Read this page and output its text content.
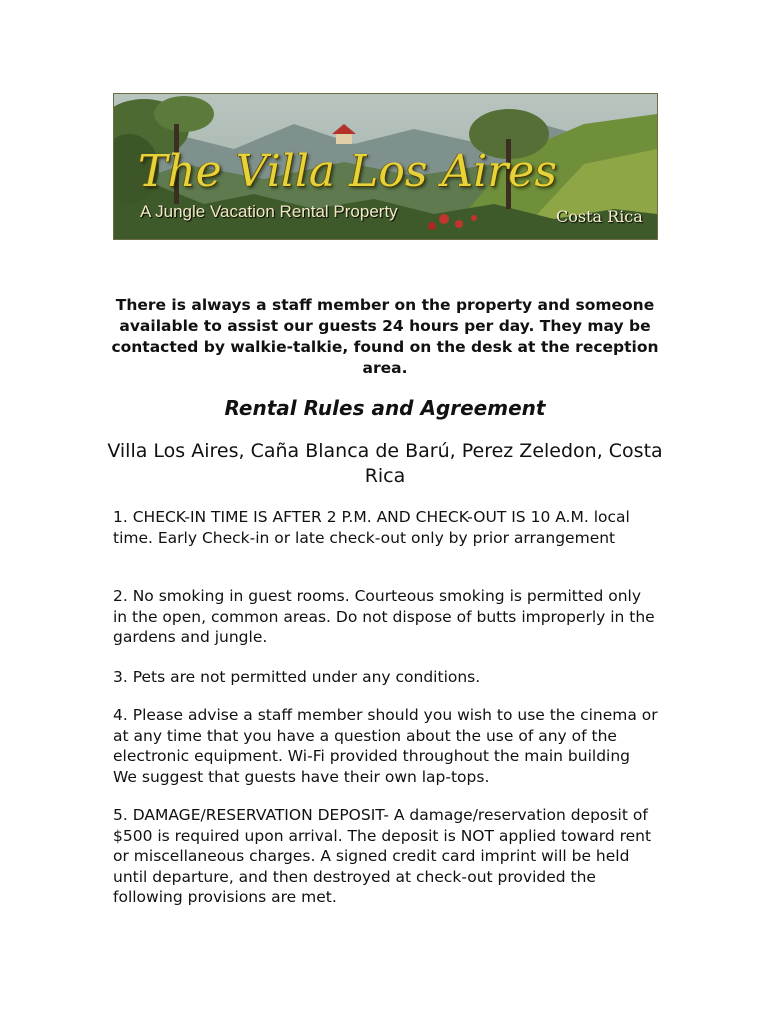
The Villa Los Aires
A Jungle Vacation Rental Property	Costa Rica
There is always a staff member on the property and someone available to assist our guests 24 hours per day. They may be contacted by walkie-talkie, found on the desk at the reception area.
Rental Rules and Agreement
Villa Los Aires, Caña Blanca de Barú, Perez Zeledon, Costa Rica
1. CHECK-IN TIME IS AFTER 2 P.M. AND CHECK-OUT IS 10 A.M. local time. Early Check-in or late check-out only by prior arrangement
2. No smoking in guest rooms. Courteous smoking is permitted only in the open, common areas. Do not dispose of butts improperly in the gardens and jungle.
3. Pets are not permitted under any conditions.
4. Please advise a staff member should you wish to use the cinema or at any time that you have a question about the use of any of the electronic equipment. Wi-Fi provided throughout the main building We suggest that guests have their own lap-tops.
5. DAMAGE/RESERVATION DEPOSIT- A damage/reservation deposit of $500 is required upon arrival. The deposit is NOT applied toward rent or miscellaneous charges. A signed credit card imprint will be held until departure, and then destroyed at check-out provided the following provisions are met.
